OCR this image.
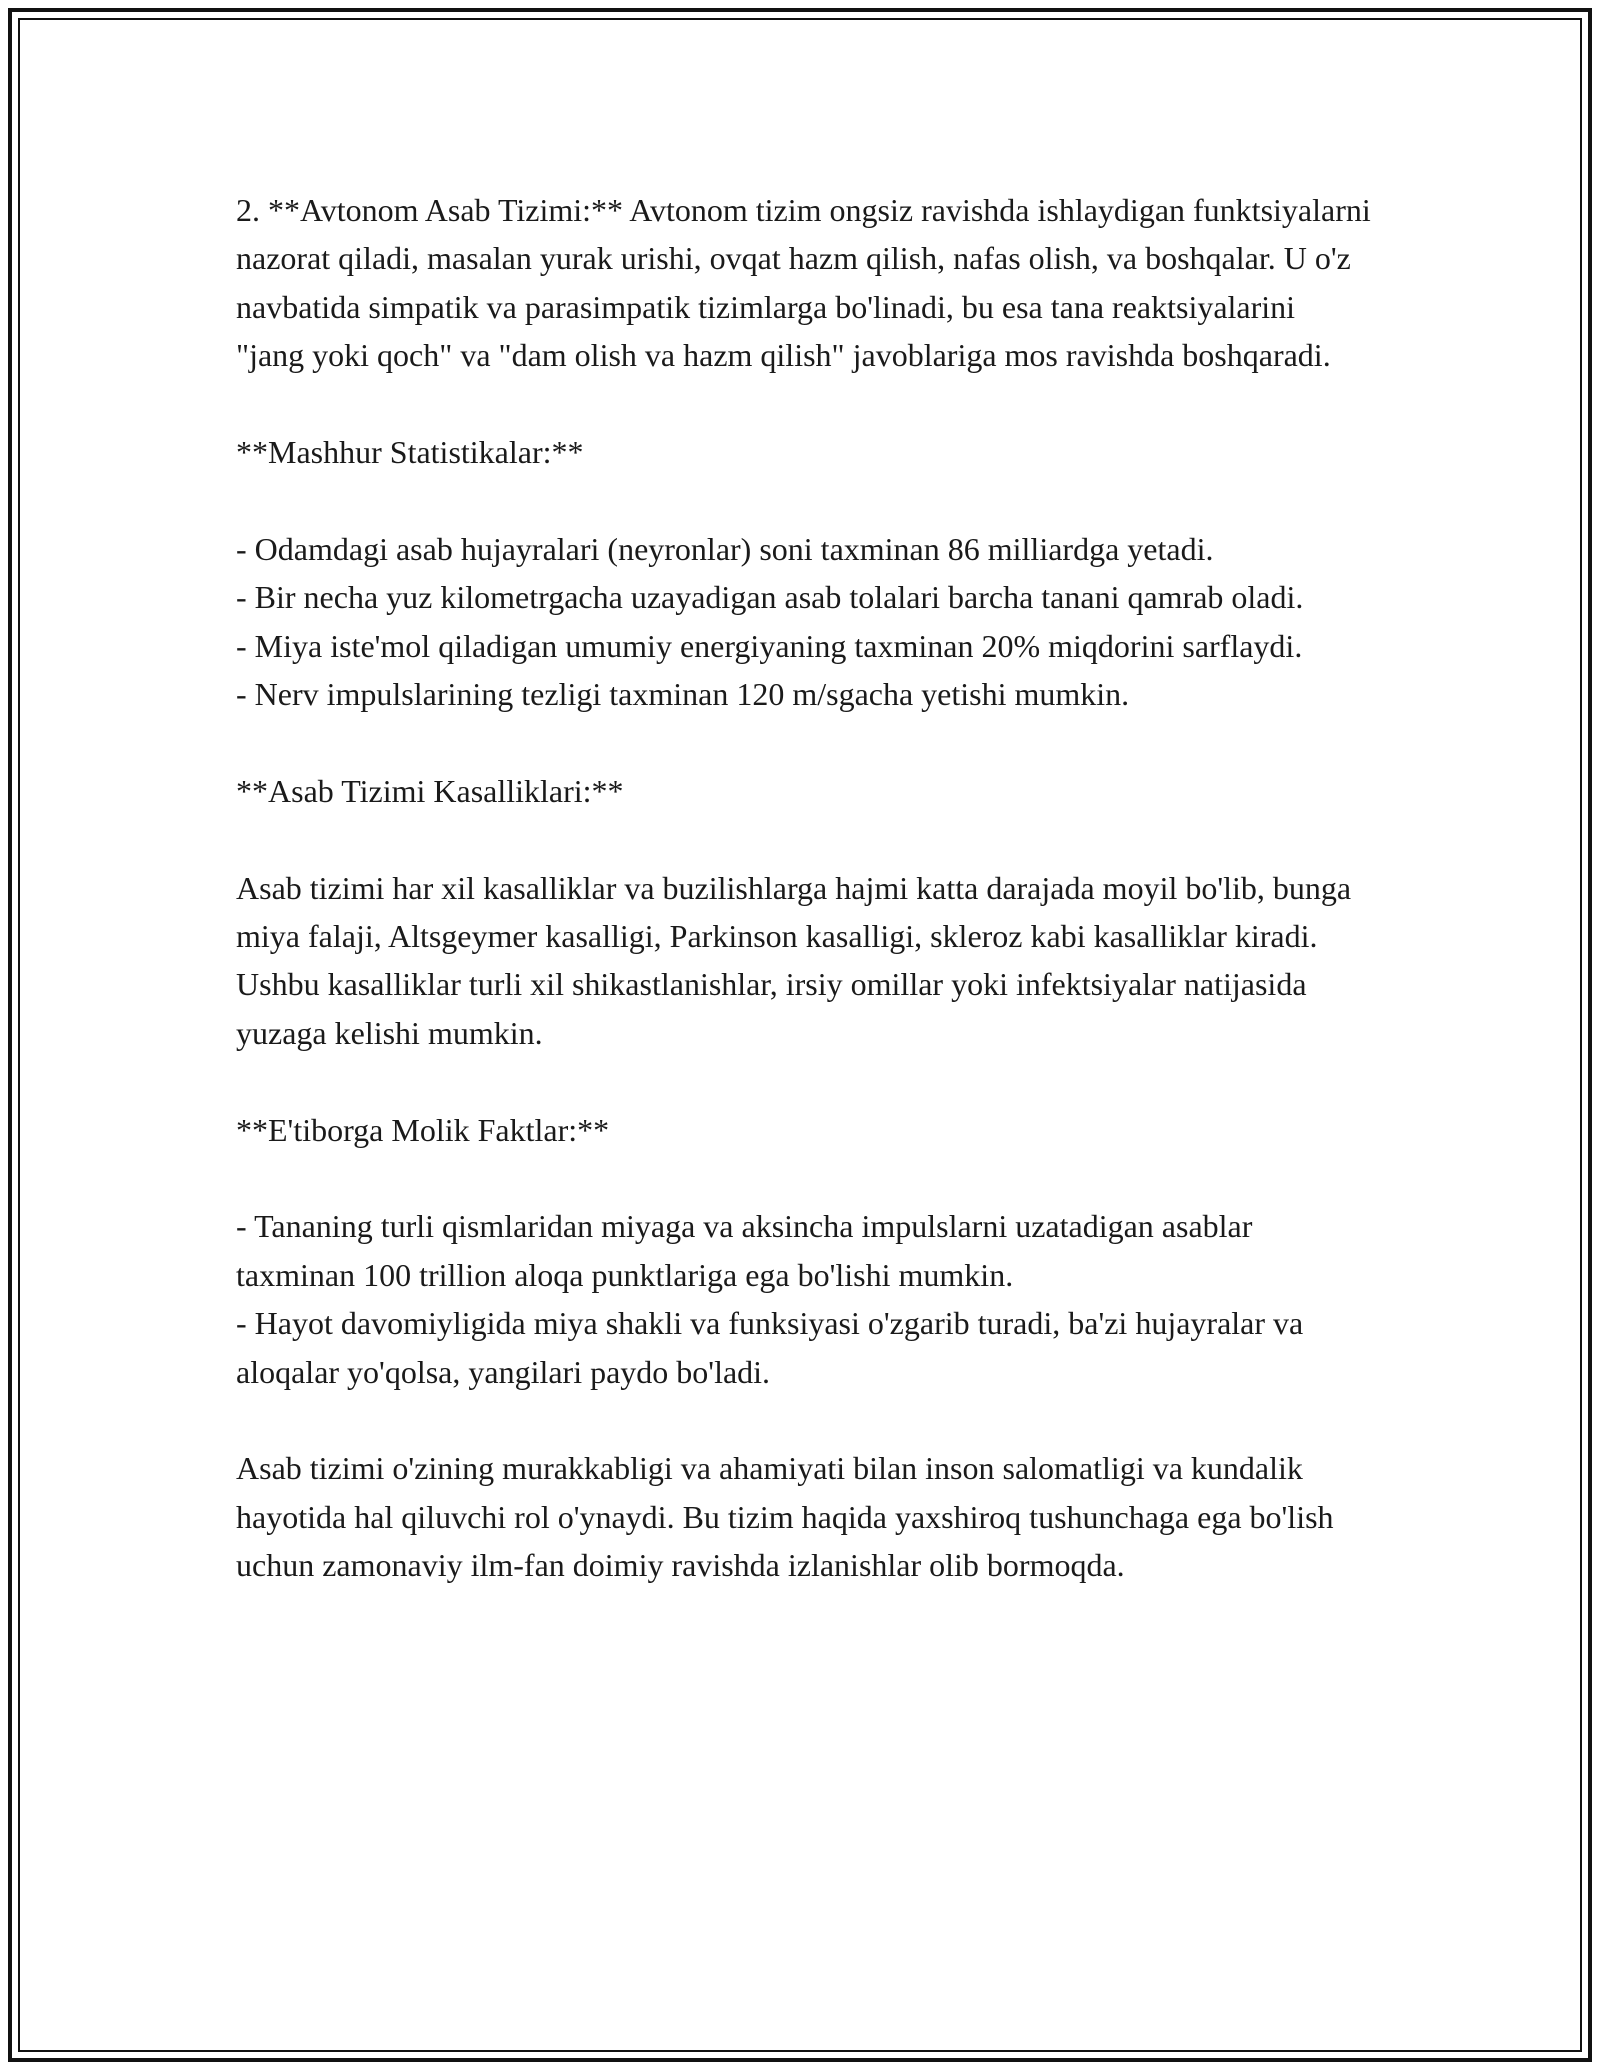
2. **Avtonom Asab Tizimi:** Avtonom tizim ongsiz ravishda ishlaydigan funktsiyalarni nazorat qiladi, masalan yurak urishi, ovqat hazm qilish, nafas olish, va boshqalar. U o'z navbatida simpatik va parasimpatik tizimlarga bo'linadi, bu esa tana reaktsiyalarini "jang yoki qoch" va "dam olish va hazm qilish" javoblariga mos ravishda boshqaradi.

**Mashhur Statistikalar:**

- Odamdagi asab hujayralari (neyronlar) soni taxminan 86 milliardga yetadi.

- Bir necha yuz kilometrgacha uzayadigan asab tolalari barcha tanani qamrab oladi.

- Miya iste'mol qiladigan umumiy energiyaning taxminan 20% miqdorini sarflaydi.

- Nerv impulslarining tezligi taxminan 120 m/sgacha yetishi mumkin.

**Asab Tizimi Kasalliklari:**

Asab tizimi har xil kasalliklar va buzilishlarga hajmi katta darajada moyil bo'lib, bunga miya falaji, Altsgeymer kasalligi, Parkinson kasalligi, skleroz kabi kasalliklar kiradi. Ushbu kasalliklar turli xil shikastlanishlar, irsiy omillar yoki infektsiyalar natijasida yuzaga kelishi mumkin.

**E'tiborga Molik Faktlar:**

- Tananing turli qismlaridan miyaga va aksincha impulslarni uzatadigan asablar taxminan 100 trillion aloqa punktlariga ega bo'lishi mumkin.

- Hayot davomiyligida miya shakli va funksiyasi o'zgarib turadi, ba'zi hujayralar va aloqalar yo'qolsa, yangilari paydo bo'ladi.

Asab tizimi o'zining murakkabligi va ahamiyati bilan inson salomatligi va kundalik hayotida hal qiluvchi rol o'ynaydi. Bu tizim haqida yaxshiroq tushunchaga ega bo'lish uchun zamonaviy ilm-fan doimiy ravishda izlanishlar olib bormoqda.
